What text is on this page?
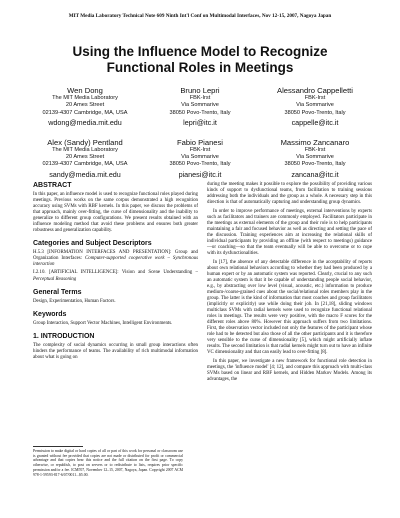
MIT Media Laboratory Technical Note 609 Ninth Int'l Conf on Multimodal Interfaces, Nov 12-15, 2007, Nagoya Japan
Using the Influence Model to Recognize Functional Roles in Meetings
Wen Dong
The MIT Media Laboratory
20 Ames Street
02139-4307 Cambridge, MA, USA
wdong@media.mit.edu
Bruno Lepri
FBK-Irst
Via Sommarive
38050 Povo-Trento, Italy
lepri@itc.it
Alessandro Cappelletti
FBK-Irst
Via Sommarive
38050 Povo-Trento, Italy
cappelle@itc.it
Alex (Sandy) Pentland
The MIT Media Laboratory
20 Ames Street
02139-4307 Cambridge, MA, USA
sandy@media.mit.edu
Fabio Pianesi
FBK-Irst
Via Sommarive
38050 Povo-Trento, Italy
pianesi@itc.it
Massimo Zancanaro
FBK-Irst
Via Sommarive
38050 Povo-Trento, Italy
zancana@itc.it
ABSTRACT

In this paper, an influence model is used to recognize functional roles played during meetings. Previous works on the same corpus demonstrated a high recognition accuracy using SVMs with RBF kernels. In this paper, we discuss the problems of that approach, mainly over-fitting, the curse of dimensionality and the inability to generalize to different group configurations. We present results obtained with an influence modeling method that avoid these problems and ensures both greater robustness and generalization capability.

Categories and Subject Descriptors
H.5.3 [INFORMATION INTERFACES AND PRESENTATION]: Group and Organization Interfaces: Computer-supported cooperative work – Synchronous interaction
I.2.10. [ARTIFICIAL INTELLIGENCE]: Vision and Scene Understanding – Perceptual Reasoning
General Terms

Design, Experimentation, Human Factors.

Keywords

Group Interaction, Support Vector Machines, Intelligent Environments.

1. INTRODUCTION

The complexity of social dynamics occurring in small group interactions often hinders the performance of teams. The availability of rich multimodal information about what is going on

Permission to make digital or hard copies of all or part of this work for personal or classroom use is granted without fee provided that copies are not made or distributed for profit or commercial advantage and that copies bear this notice and the full citation on the first page. To copy otherwise, or republish, to post on servers or to redistribute to lists, requires prior specific permission and/or a fee. ICMI'07, November 12–15, 2007, Nagoya, Japan. Copyright 2007 ACM 978-1-59593-817-6/07/0011...$5.00.

during the meeting makes it possible to explore the possibility of providing various kinds of support to dysfunctional teams, from facilitation to training sessions addressing both the individuals and the group as a whole. A necessary step in this direction is that of automatically capturing and understanding group dynamics.

In order to improve performance of meetings, external interventions by experts such as facilitators and trainers are commonly employed. Facilitators participate in the meetings as external elements of the group and their role is to help participants maintaining a fair and focused behavior as well as directing and setting the pace of the discussion. Training experiences aim at increasing the relational skills of individual participants by providing an offline (with respect to meetings) guidance—or coaching—so that the team eventually will be able to overcome or to cope with its dysfunctionalities.

In [17], the absence of any detectable difference in the acceptability of reports about own relational behaviors according to whether they had been produced by a human expert or by an automatic system was reported. Clearly, crucial to any such an automatic system is that it be capable of understanding people social behavior, e.g., by abstracting over low level (visual, acoustic, etc.) information to produce medium-/coarse-grained cues about the social/relational roles members play in the group. The latter is the kind of information that most coaches and group facilitators (implicitly or explicitly) use while doing their job. In [21,18], sliding windows multiclass SVMs with radial kernels were used to recognize functional relational roles in meetings. The results were very positive, with the macro F scores for the different roles above 80%. However this approach suffers from two limitations. First, the observation vector included not only the features of the participant whose role had to be detected but also those of all the other participants and it is therefore very sensible to the curse of dimensionality [5], which might artificially inflate results. The second limitation is that radial kernels might turn out to have an infinite VC dimensionality and that can easily lead to over-fitting [8].

In this paper, we investigate a new framework for functional role detection in meetings, the 'influence model' [4; 12], and compare this approach with multi-class SVMs based on linear and RBF kernels, and Hidden Markov Models. Among its advantages, the
